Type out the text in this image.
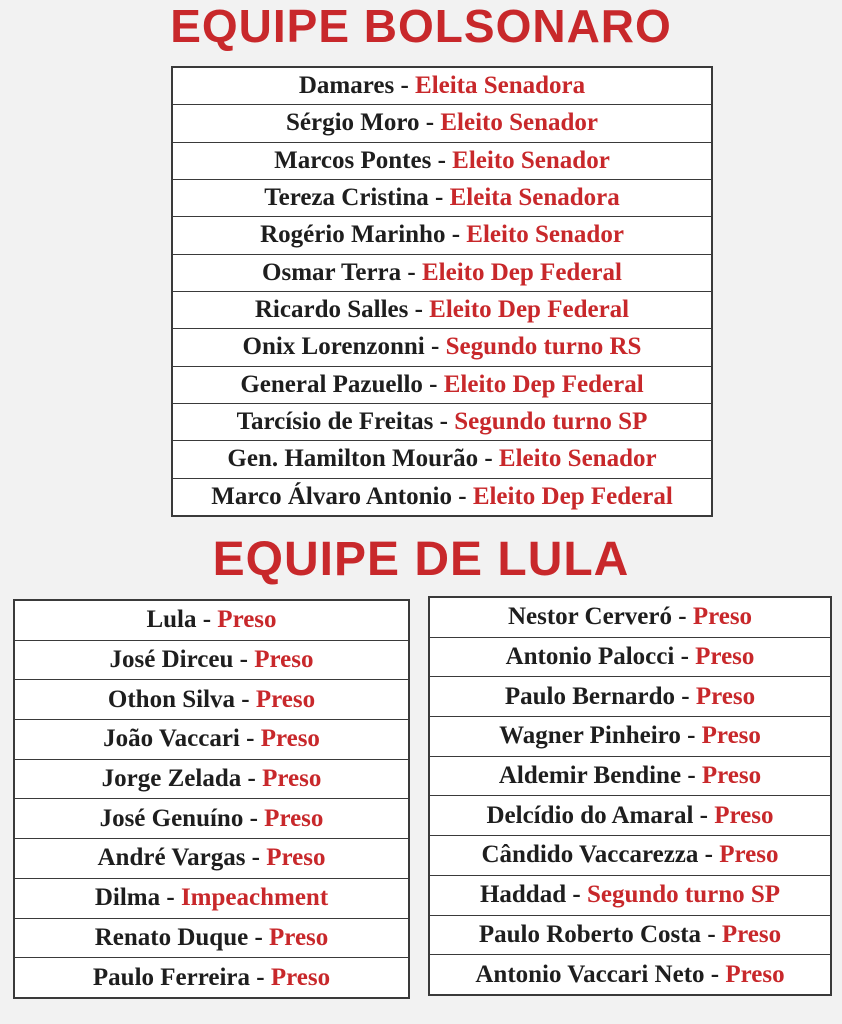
EQUIPE BOLSONARO
Damares - Eleita Senadora
Sérgio Moro - Eleito Senador
Marcos Pontes - Eleito Senador
Tereza Cristina - Eleita Senadora
Rogério Marinho - Eleito Senador
Osmar Terra - Eleito Dep Federal
Ricardo Salles - Eleito Dep Federal
Onix Lorenzonni - Segundo turno RS
General Pazuello - Eleito Dep Federal
Tarcísio de Freitas - Segundo turno SP
Gen. Hamilton Mourão - Eleito Senador
Marco Álvaro Antonio - Eleito Dep Federal
EQUIPE DE LULA
Lula - Preso
José Dirceu - Preso
Othon Silva - Preso
João Vaccari - Preso
Jorge Zelada - Preso
José Genuíno - Preso
André Vargas - Preso
Dilma - Impeachment
Renato Duque - Preso
Paulo Ferreira - Preso
Nestor Cerveró - Preso
Antonio Palocci - Preso
Paulo Bernardo - Preso
Wagner Pinheiro - Preso
Aldemir Bendine - Preso
Delcídio do Amaral - Preso
Cândido Vaccarezza - Preso
Haddad - Segundo turno SP
Paulo Roberto Costa - Preso
Antonio Vaccari Neto - Preso
